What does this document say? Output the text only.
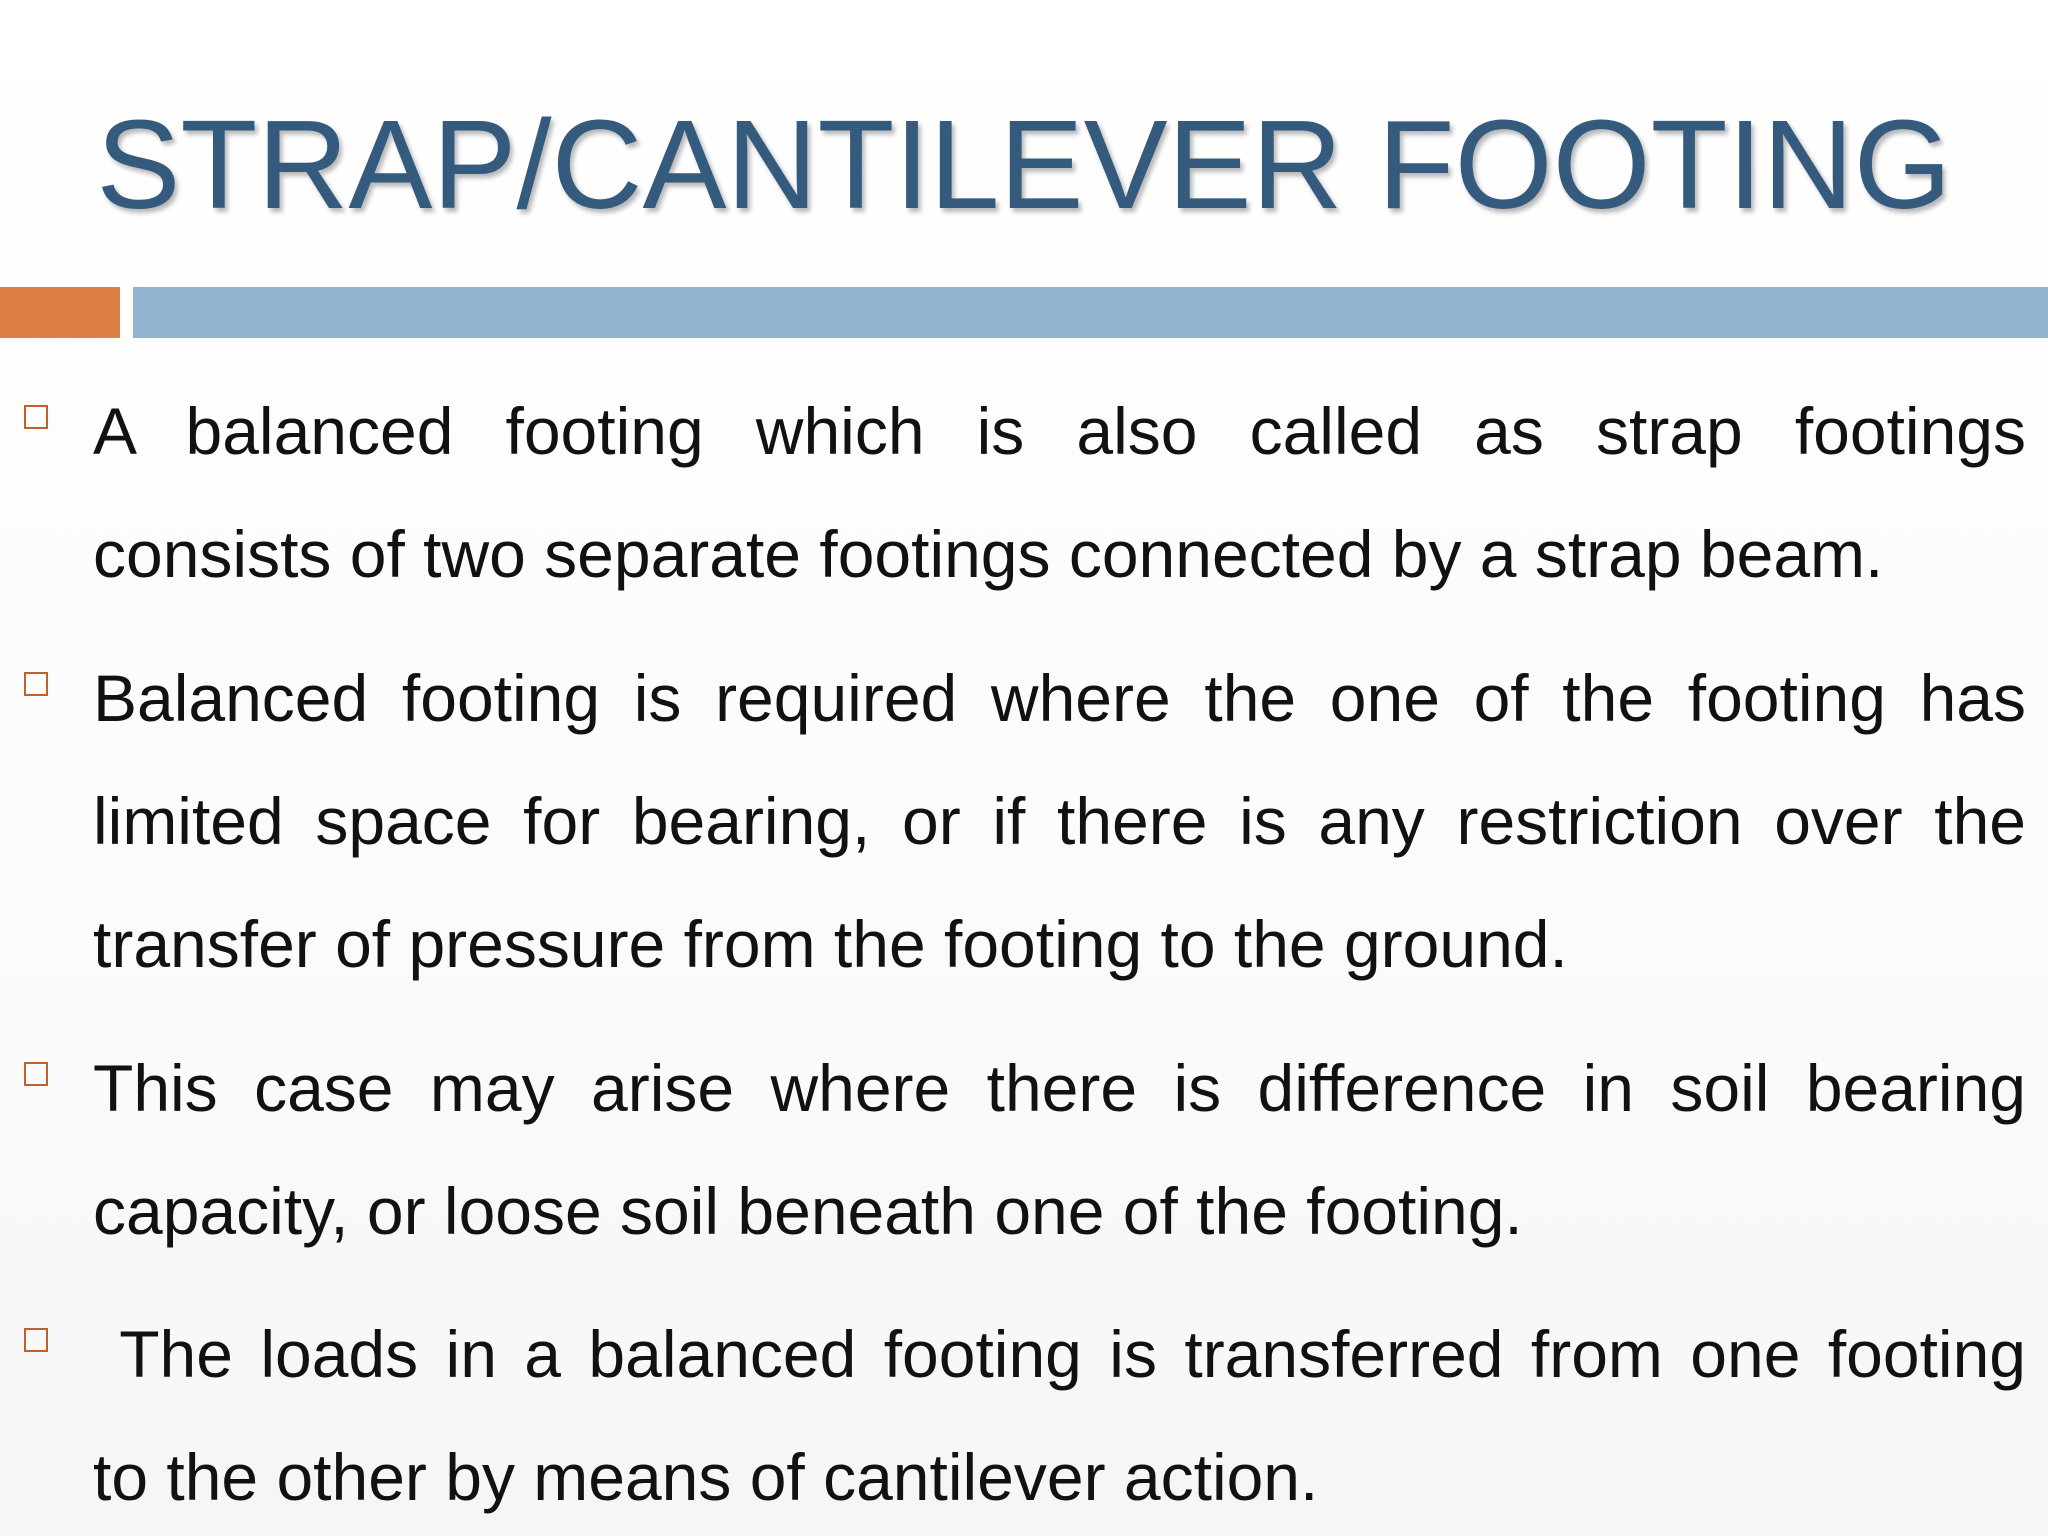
STRAP/CANTILEVER FOOTING
A balanced footing which is also called as strap footings
consists of two separate footings connected by a strap beam.
Balanced footing is required where the one of the footing has
limited space for bearing, or if there is any restriction over the
transfer of pressure from the footing to the ground.
This case may arise where there is difference in soil bearing
capacity, or loose soil beneath one of the footing.
The loads in a balanced footing is transferred from one footing
to the other by means of cantilever action.
